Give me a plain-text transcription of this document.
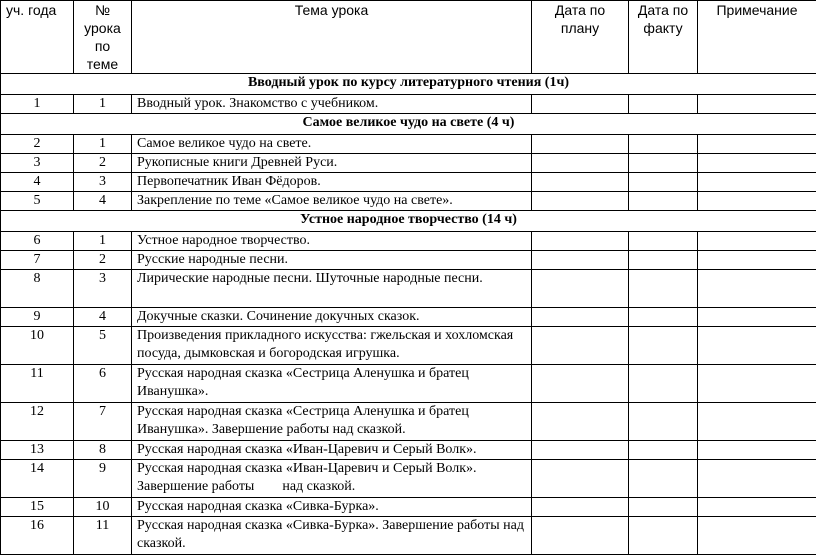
уч. года	№ урока по теме	Тема урока	Дата по плану	Дата по факту	Примечание
Вводный урок по курсу литературного чтения (1ч)					
1	1	Вводный урок. Знакомство с учебником.			
Самое великое чудо на свете (4 ч)					
2	1	Самое великое чудо на свете.			
3	2	Рукописные книги Древней Руси.			
4	3	Первопечатник Иван Фёдоров.			
5	4	Закрепление по теме «Самое великое чудо на свете».			
Устное народное творчество (14 ч)					
6	1	Устное народное творчество.			
7	2	Русские народные песни.			
8	3	Лирические народные песни. Шуточные народные песни.			
9	4	Докучные сказки. Сочинение докучных сказок.			
10	5	Произведения прикладного искусства: гжельская и хохломская посуда, дымковская и богородская игрушка.			
11	6	Русская народная сказка «Сестрица Аленушка и братец Иванушка».			
12	7	Русская народная сказка «Сестрица Аленушка и братец Иванушка». Завершение работы над сказкой.			
13	8	Русская народная сказка «Иван-Царевич и Серый Волк».			
14	9	Русская народная сказка «Иван-Царевич и Серый Волк».  Завершение работы        над сказкой.			
15	10	Русская народная сказка «Сивка-Бурка».			
16	11	Русская народная сказка «Сивка-Бурка». Завершение работы над сказкой.			
